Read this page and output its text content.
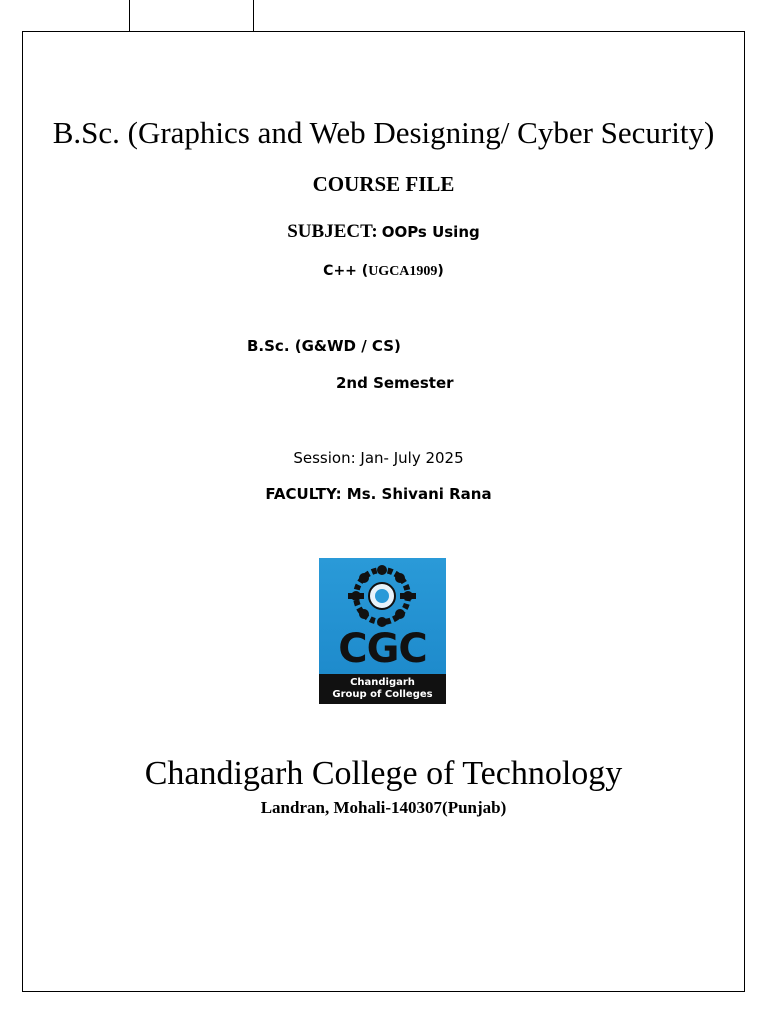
B.Sc. (Graphics and Web Designing/ Cyber Security)
COURSE FILE
SUBJECT: OOPs Using
C++ (UGCA1909)
B.Sc. (G&WD / CS)
2nd Semester
Session: Jan- July 2025
FACULTY: Ms. Shivani Rana
CGC
Chandigarh
Group of Colleges
Chandigarh College of Technology
Landran, Mohali-140307(Punjab)
